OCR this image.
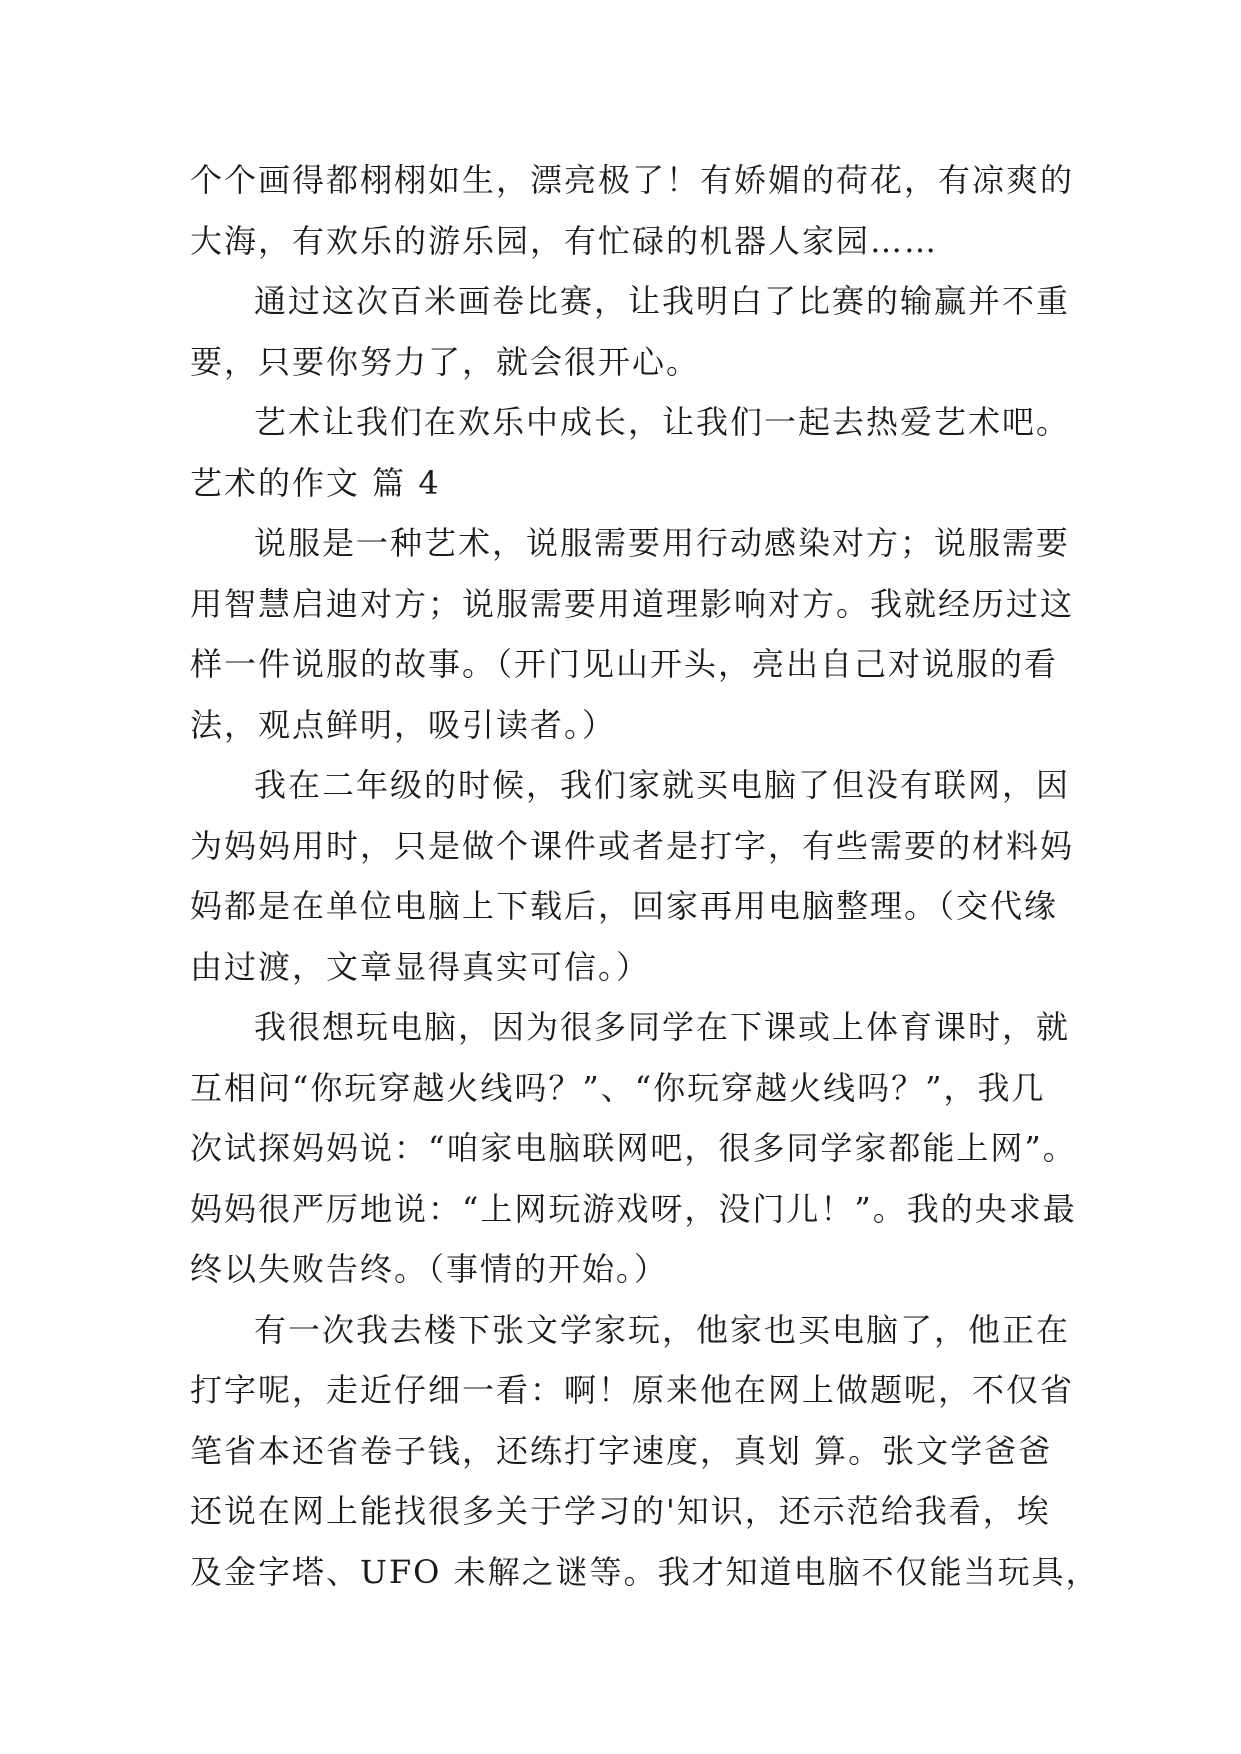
个个画得都栩栩如生，漂亮极了！有娇媚的荷花，有凉爽的
大海，有欢乐的游乐园，有忙碌的机器人家园……
通过这次百米画卷比赛，让我明白了比赛的输赢并不重
要，只要你努力了，就会很开心。
艺术让我们在欢乐中成长，让我们一起去热爱艺术吧。
艺术的作文 篇 4
说服是一种艺术，说服需要用行动感染对方；说服需要
用智慧启迪对方；说服需要用道理影响对方。我就经历过这
样一件说服的故事。（开门见山开头，亮出自己对说服的看
法，观点鲜明，吸引读者。）
我在二年级的时候，我们家就买电脑了但没有联网，因
为妈妈用时，只是做个课件或者是打字，有些需要的材料妈
妈都是在单位电脑上下载后，回家再用电脑整理。（交代缘
由过渡，文章显得真实可信。）
我很想玩电脑，因为很多同学在下课或上体育课时，就
互相问“你玩穿越火线吗？”、“你玩穿越火线吗？”，我几
次试探妈妈说：“咱家电脑联网吧，很多同学家都能上网”。
妈妈很严厉地说：“上网玩游戏呀，没门儿！”。我的央求最
终以失败告终。（事情的开始。）
有一次我去楼下张文学家玩，他家也买电脑了，他正在
打字呢，走近仔细一看：啊！原来他在网上做题呢，不仅省
笔省本还省卷子钱，还练打字速度，真划 算。张文学爸爸
还说在网上能找很多关于学习的'知识，还示范给我看，埃
及金字塔、UFO 未解之谜等。我才知道电脑不仅能当玩具，
